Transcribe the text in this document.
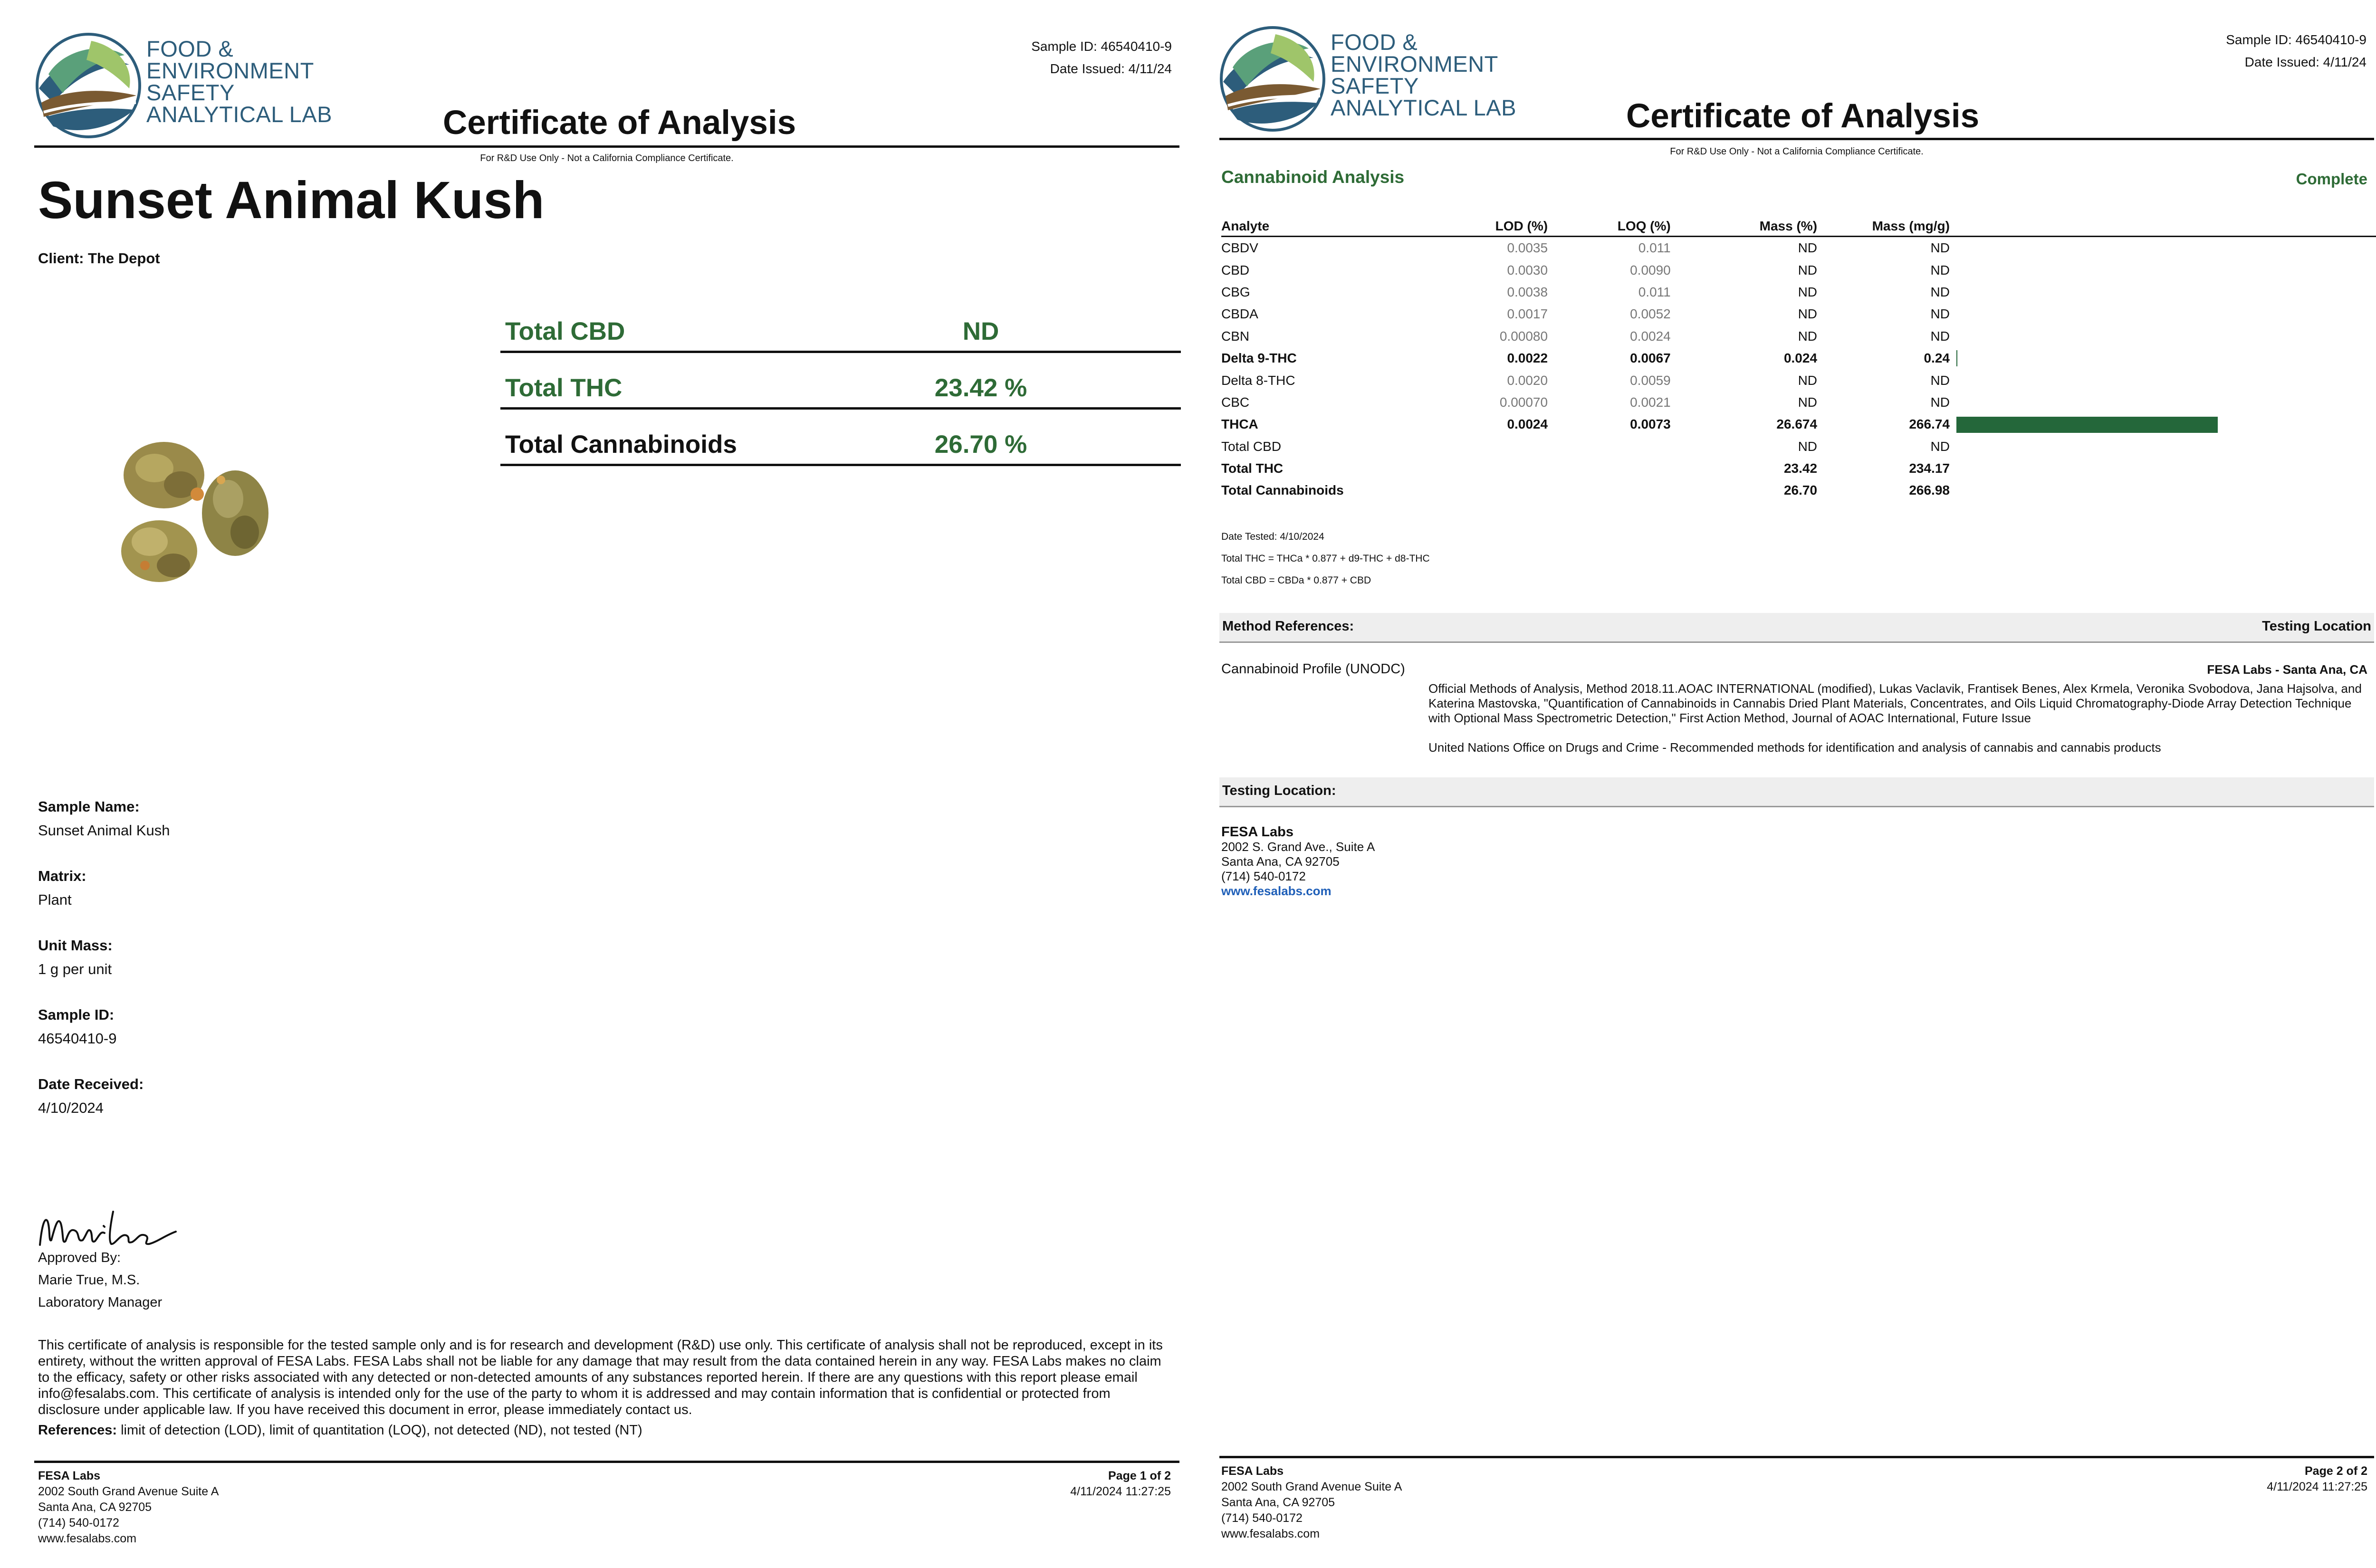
FOOD &
ENVIRONMENT
SAFETY
ANALYTICAL LAB
Sample ID: 46540410-9
Date Issued: 4/11/24
Certificate of Analysis
For R&D Use Only - Not a California Compliance Certificate.
Sunset Animal Kush
Client: The Depot
Total CBD	ND
Total THC	23.42 %
Total Cannabinoids	26.70 %
Sample Name:
Sunset Animal Kush
Matrix:
Plant
Unit Mass:
1 g per unit
Sample ID:
46540410-9
Date Received:
4/10/2024
Approved By:
Marie True, M.S.
Laboratory Manager
This certificate of analysis is responsible for the tested sample only and is for research and development (R&D) use only. This certificate of analysis shall not be reproduced, except in its entirety, without the written approval of FESA Labs. FESA Labs shall not be liable for any damage that may result from the data contained herein in any way. FESA Labs makes no claim to the efficacy, safety or other risks associated with any detected or non-detected amounts of any substances reported herein. If there are any questions with this report please email info@fesalabs.com. This certificate of analysis is intended only for the use of the party to whom it is addressed and may contain information that is confidential or protected from disclosure under applicable law. If you have received this document in error, please immediately contact us.
References: limit of detection (LOD), limit of quantitation (LOQ), not detected (ND), not tested (NT)
FESA Labs
2002 South Grand Avenue Suite A
Santa Ana, CA 92705
(714) 540-0172
www.fesalabs.com
Page 1 of 2
4/11/2024 11:27:25
FOOD &
ENVIRONMENT
SAFETY
ANALYTICAL LAB
Sample ID: 46540410-9
Date Issued: 4/11/24
Certificate of Analysis
For R&D Use Only - Not a California Compliance Certificate.
Cannabinoid Analysis	Complete
Analyte	LOD (%)	LOQ (%)	Mass (%)	Mass (mg/g)	
CBDV	0.0035	0.011	ND	ND	
CBD	0.0030	0.0090	ND	ND	
CBG	0.0038	0.011	ND	ND	
CBDA	0.0017	0.0052	ND	ND	
CBN	0.00080	0.0024	ND	ND	
Delta 9-THC	0.0022	0.0067	0.024	0.24	
Delta 8-THC	0.0020	0.0059	ND	ND	
CBC	0.00070	0.0021	ND	ND	
THCA	0.0024	0.0073	26.674	266.74	
Total CBD			ND	ND	
Total THC			23.42	234.17	
Total Cannabinoids			26.70	266.98	
Date Tested: 4/10/2024
Total THC = THCa * 0.877 + d9-THC + d8-THC
Total CBD = CBDa * 0.877 + CBD
Method References:	Testing Location
Cannabinoid Profile (UNODC)	FESA Labs - Santa Ana, CA
Official Methods of Analysis, Method 2018.11.AOAC INTERNATIONAL (modified), Lukas Vaclavik, Frantisek Benes, Alex Krmela, Veronika Svobodova, Jana Hajsolva, and Katerina Mastovska, "Quantification of Cannabinoids in Cannabis Dried Plant Materials, Concentrates, and Oils Liquid Chromatography-Diode Array Detection Technique with Optional Mass Spectrometric Detection," First Action Method, Journal of AOAC International, Future Issue
United Nations Office on Drugs and Crime - Recommended methods for identification and analysis of cannabis and cannabis products
Testing Location:
FESA Labs
2002 S. Grand Ave., Suite A
Santa Ana, CA 92705
(714) 540-0172
www.fesalabs.com
FESA Labs
2002 South Grand Avenue Suite A
Santa Ana, CA 92705
(714) 540-0172
www.fesalabs.com
Page 2 of 2
4/11/2024 11:27:25
